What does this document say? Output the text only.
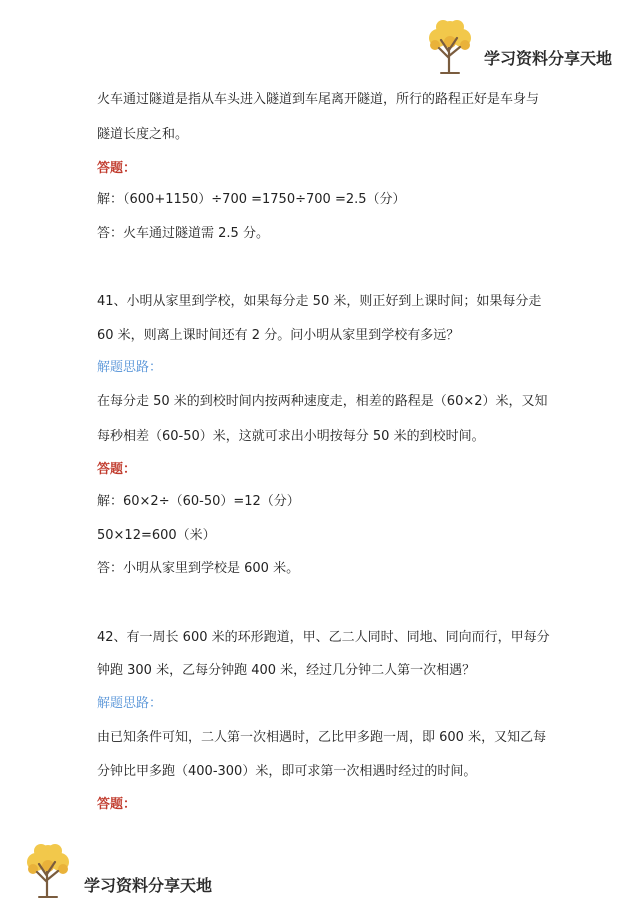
学习资料分享天地
火车通过隧道是指从车头进入隧道到车尾离开隧道，所行的路程正好是车身与
隧道长度之和。
答题：
解：（600+1150）÷700 =1750÷700 =2.5（分）
答：火车通过隧道需 2.5 分。
41、小明从家里到学校，如果每分走 50 米，则正好到上课时间；如果每分走
60 米，则离上课时间还有 2 分。问小明从家里到学校有多远？
解题思路：
在每分走 50 米的到校时间内按两种速度走，相差的路程是（60×2）米，又知
每秒相差（60-50）米，这就可求出小明按每分 50 米的到校时间。
答题：
解：60×2÷（60-50）=12（分）
50×12=600（米）
答：小明从家里到学校是 600 米。
42、有一周长 600 米的环形跑道，甲、乙二人同时、同地、同向而行，甲每分
钟跑 300 米，乙每分钟跑 400 米，经过几分钟二人第一次相遇？
解题思路：
由已知条件可知，二人第一次相遇时，乙比甲多跑一周，即 600 米，又知乙每
分钟比甲多跑（400-300）米，即可求第一次相遇时经过的时间。
答题：
学习资料分享天地
